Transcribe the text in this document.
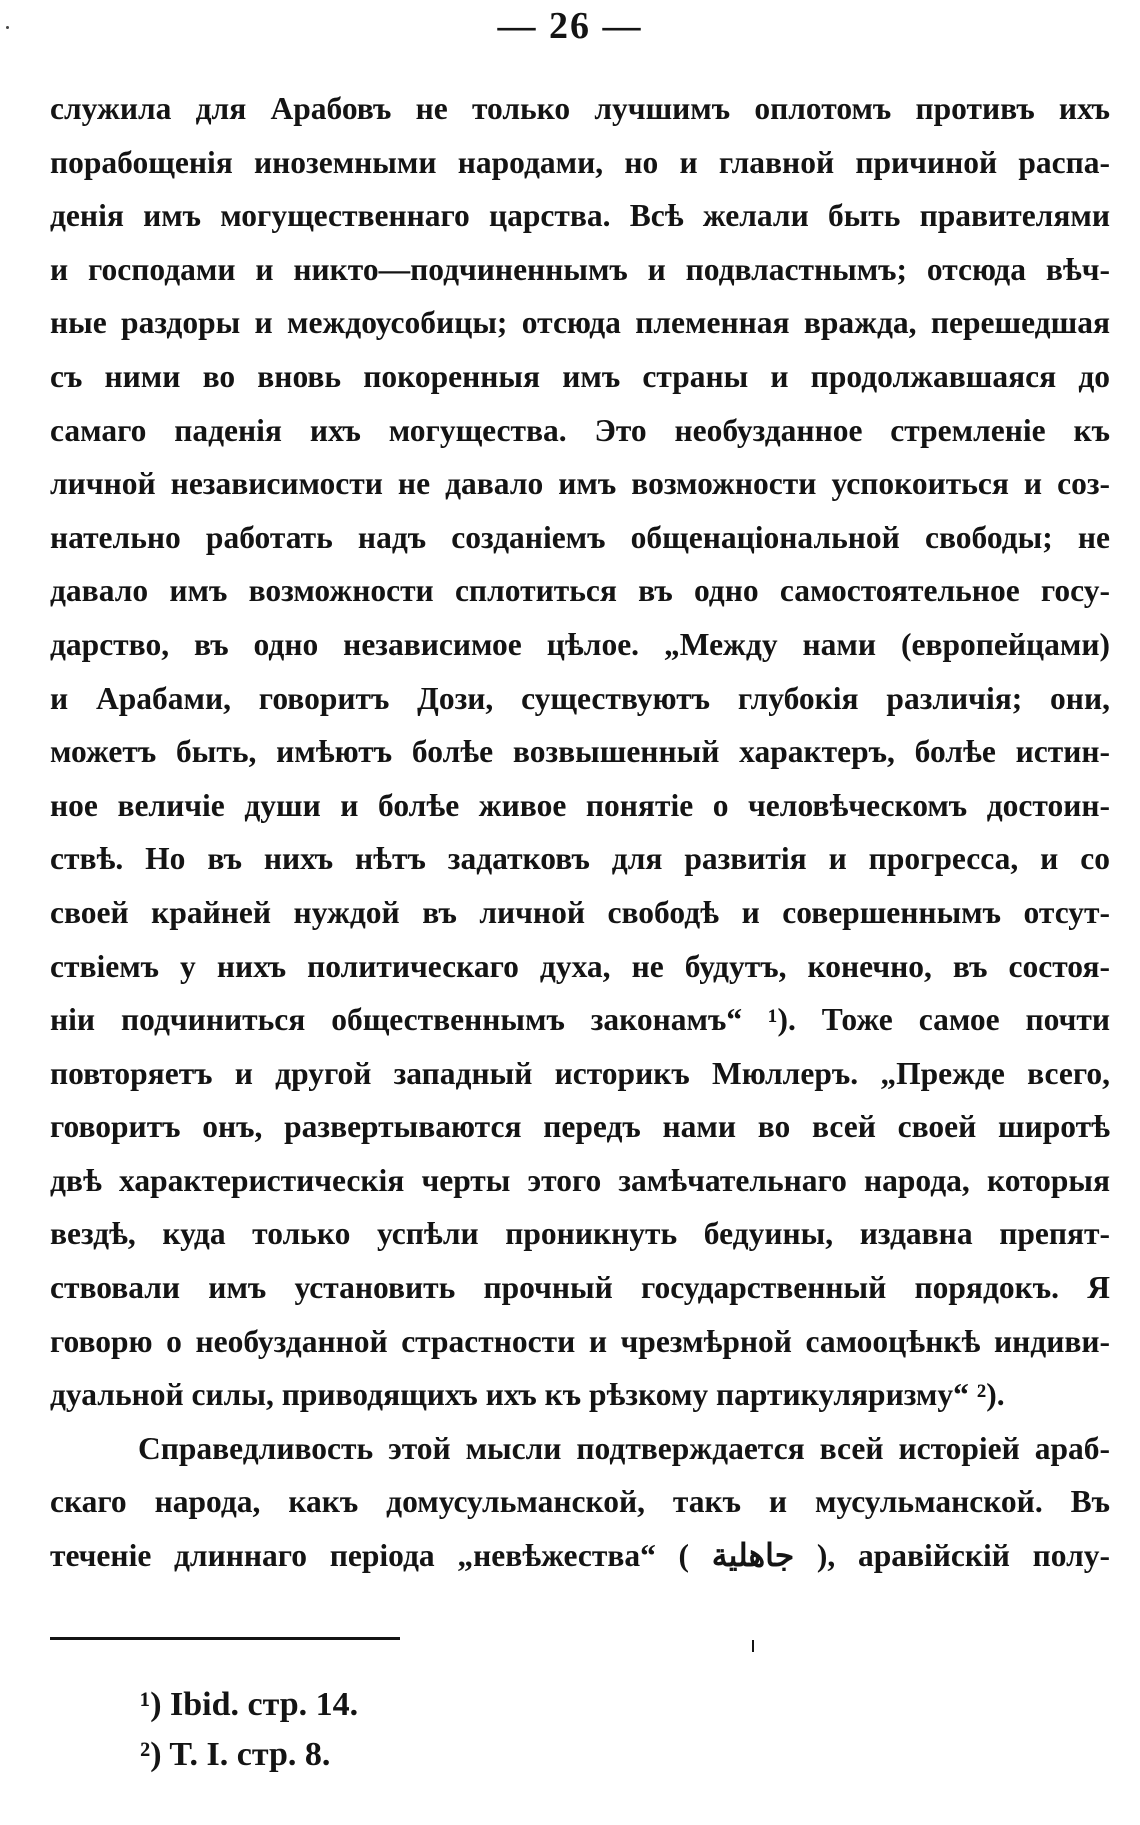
— 26 —
служила для Арабовъ не только лучшимъ оплотомъ противъ ихъ
порабощенія иноземными народами, но и главной причиной распа-
денія имъ могущественнаго царства. Всѣ желали быть правителями
и господами и никто—подчиненнымъ и подвластнымъ; отсюда вѣч-
ные раздоры и междоусобицы; отсюда племенная вражда, перешедшая
съ ними во вновь покоренныя имъ страны и продолжавшаяся до
самаго паденія ихъ могущества. Это необузданное стремленіе къ
личной независимости не давало имъ возможности успокоиться и соз-
нательно работать надъ созданіемъ общенаціональной свободы; не
давало имъ возможности сплотиться въ одно самостоятельное госу-
дарство, въ одно независимое цѣлое. „Между нами (европейцами)
и Арабами, говоритъ Дози, существуютъ глубокія различія; они,
можетъ быть, имѣютъ болѣе возвышенный характеръ, болѣе истин-
ное величіе души и болѣе живое понятіе о человѣческомъ достоин-
ствѣ. Но въ нихъ нѣтъ задатковъ для развитія и прогресса, и со
своей крайней нуждой въ личной свободѣ и совершеннымъ отсут-
ствіемъ у нихъ политическаго духа, не будутъ, конечно, въ состоя-
ніи подчиниться общественнымъ законамъ“ ¹). Тоже самое почти
повторяетъ и другой западный историкъ Мюллеръ. „Прежде всего,
говоритъ онъ, развертываются передъ нами во всей своей широтѣ
двѣ характеристическія черты этого замѣчательнаго народа, которыя
вездѣ, куда только успѣли проникнуть бедуины, издавна препят-
ствовали имъ установить прочный государственный порядокъ. Я
говорю о необузданной страстности и чрезмѣрной самооцѣнкѣ индиви-
дуальной силы, приводящихъ ихъ къ рѣзкому партикуляризму“ ²).
Справедливость этой мысли подтверждается всей исторіей араб-
скаго народа, какъ домусульманской, такъ и мусульманской. Въ
теченіе длиннаго періода „невѣжества“ ( جاهلية ), аравійскій полу-
¹) Ibid. стр. 14.
²) T. I. стр. 8.
